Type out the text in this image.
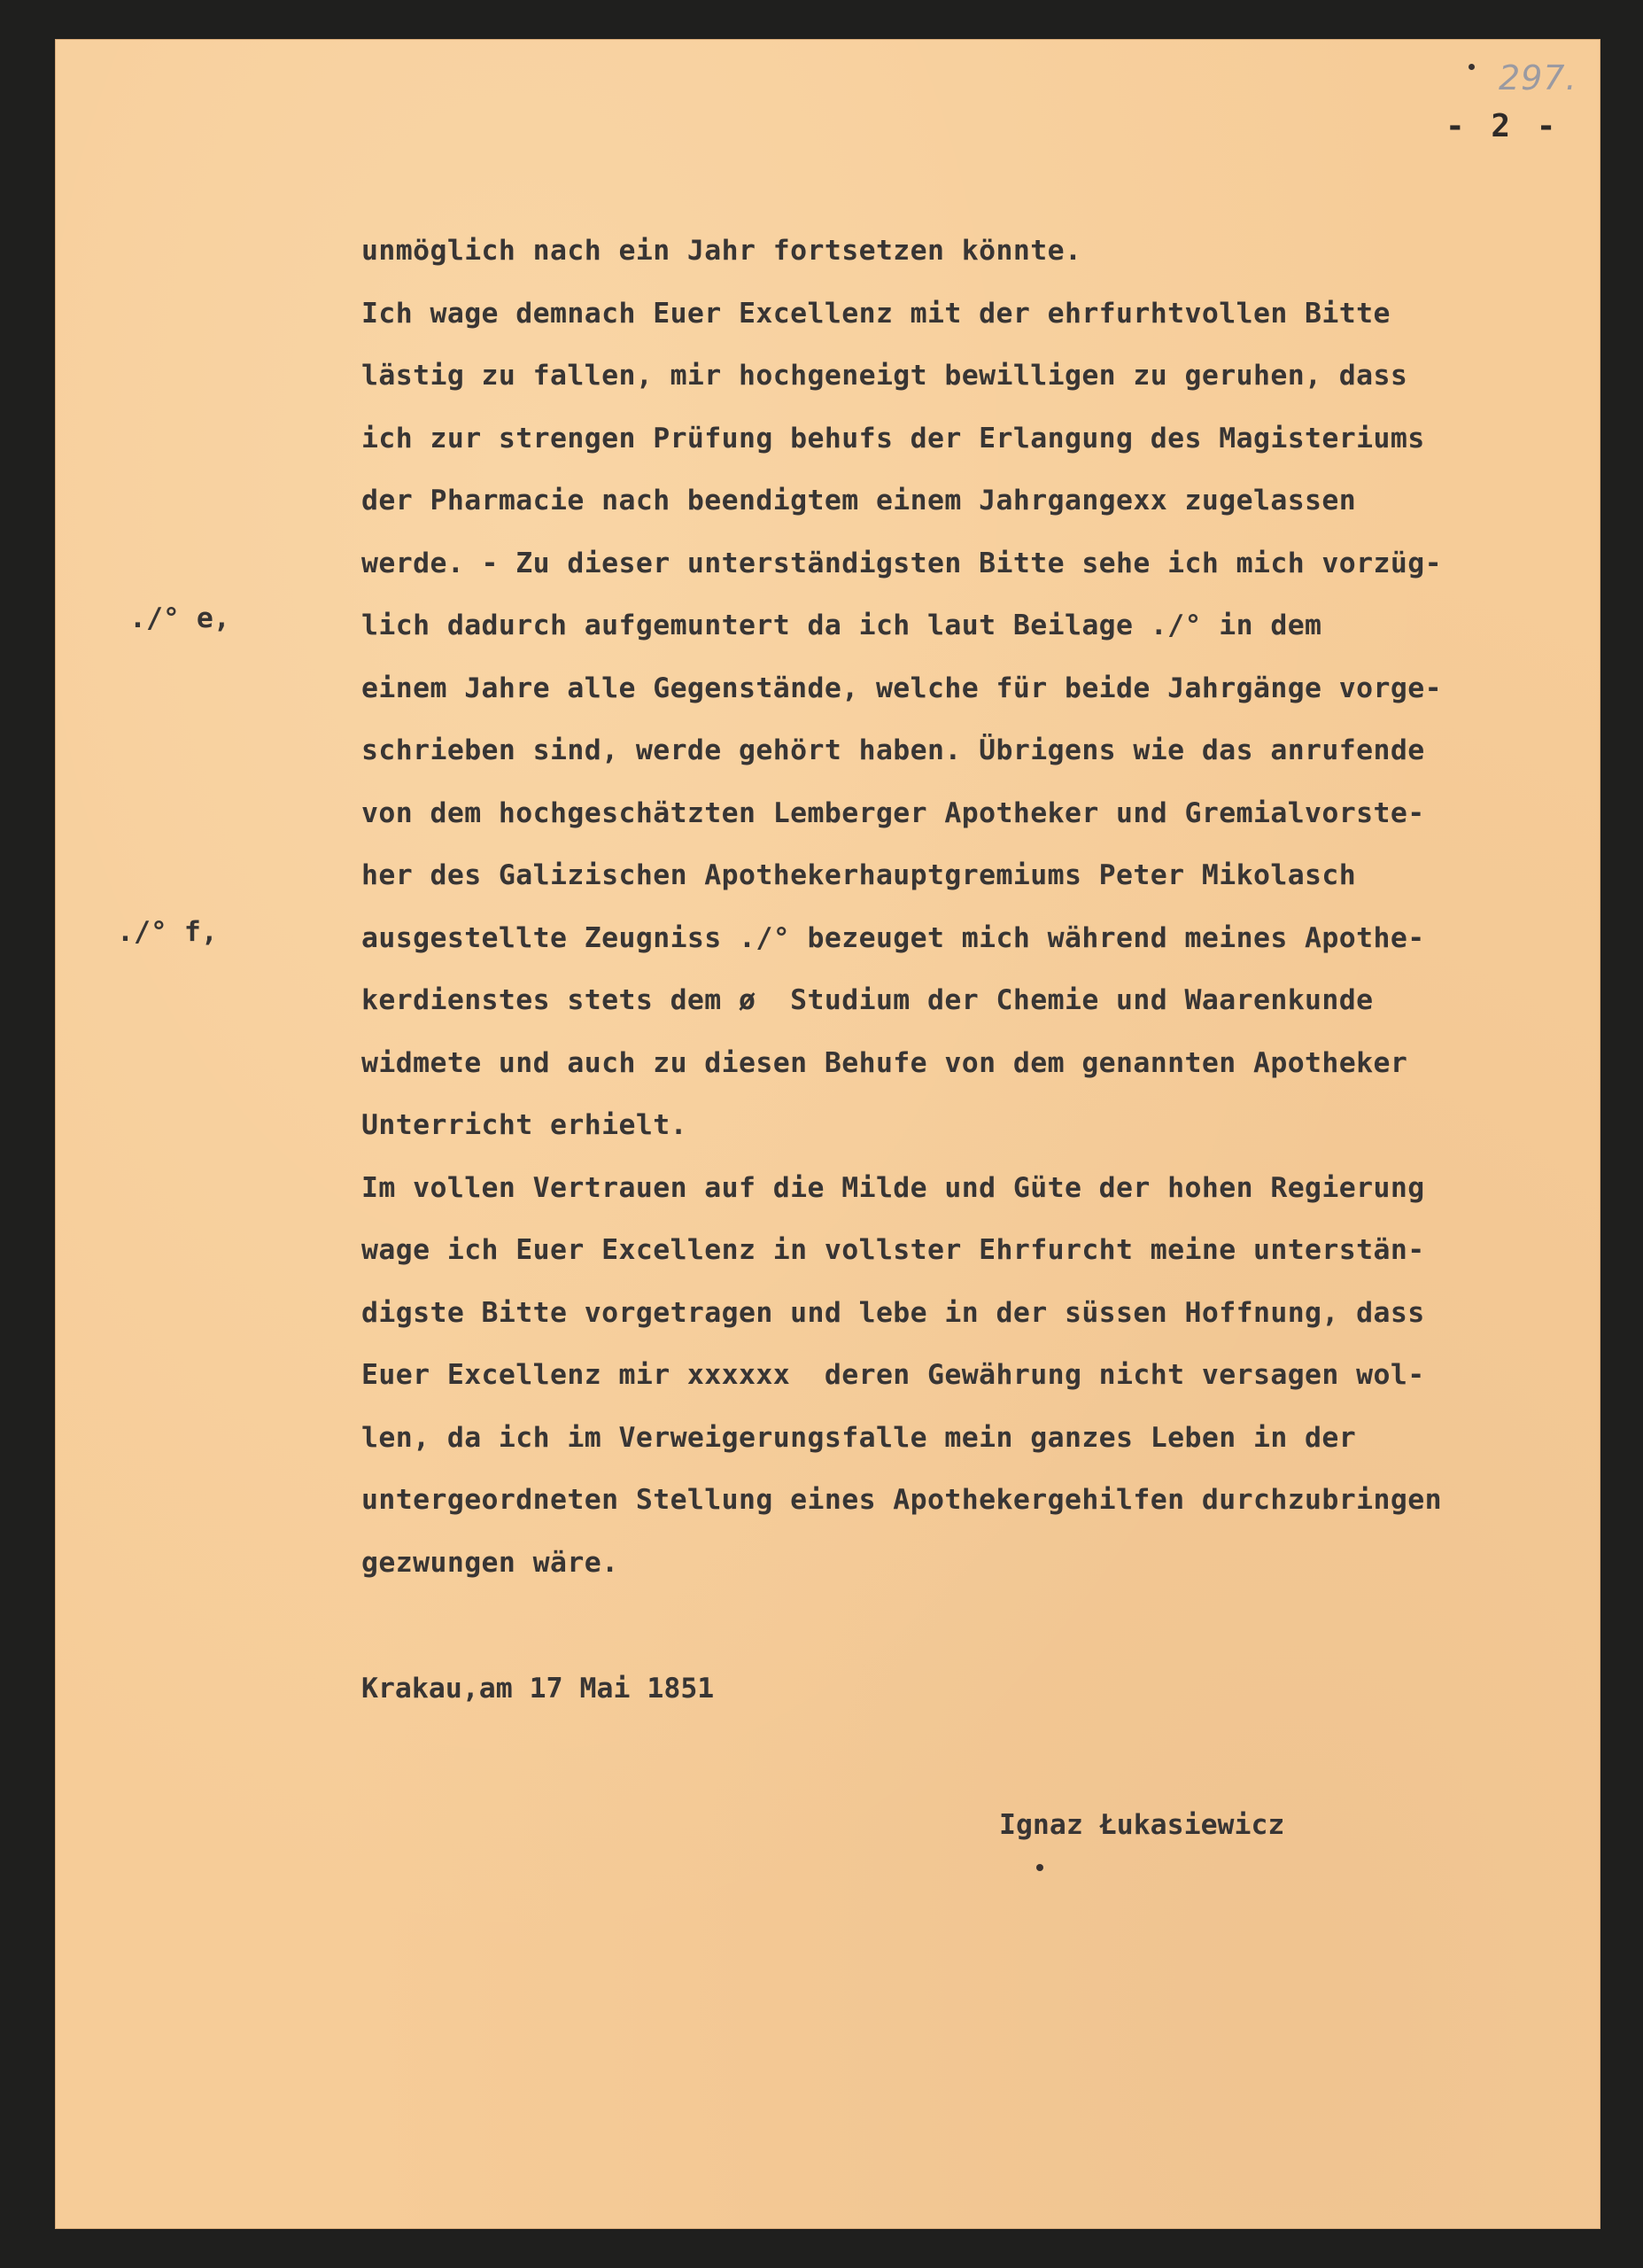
297.
- 2 -
./° e,
./° f,
unmöglich nach ein Jahr fortsetzen könnte.
Ich wage demnach Euer Excellenz mit der ehrfurhtvollen Bitte
lästig zu fallen, mir hochgeneigt bewilligen zu geruhen, dass
ich zur strengen Prüfung behufs der Erlangung des Magisteriums
der Pharmacie nach beendigtem einem Jahrgangexx zugelassen
werde. - Zu dieser unterständigsten Bitte sehe ich mich vorzüg-
lich dadurch aufgemuntert da ich laut Beilage ./° in dem
einem Jahre alle Gegenstände, welche für beide Jahrgänge vorge-
schrieben sind, werde gehört haben. Übrigens wie das anrufende
von dem hochgeschätzten Lemberger Apotheker und Gremialvorste-
her des Galizischen Apothekerhauptgremiums Peter Mikolasch
ausgestellte Zeugniss ./° bezeuget mich während meines Apothe-
kerdienstes stets dem ø  Studium der Chemie und Waarenkunde
widmete und auch zu diesen Behufe von dem genannten Apotheker
Unterricht erhielt.
Im vollen Vertrauen auf die Milde und Güte der hohen Regierung
wage ich Euer Excellenz in vollster Ehrfurcht meine unterstän-
digste Bitte vorgetragen und lebe in der süssen Hoffnung, dass
Euer Excellenz mir xxxxxx  deren Gewährung nicht versagen wol-
len, da ich im Verweigerungsfalle mein ganzes Leben in der
untergeordneten Stellung eines Apothekergehilfen durchzubringen
gezwungen wäre.
Krakau,am 17 Mai 1851
Ignaz Łukasiewicz
